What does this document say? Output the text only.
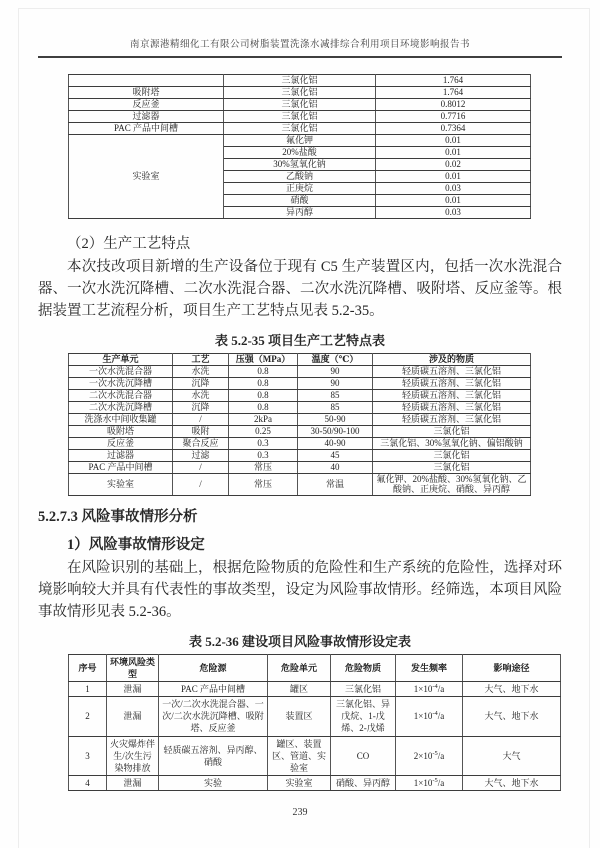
南京源港精细化工有限公司树脂装置洗涤水减排综合利用项目环境影响报告书
	三氯化铝	1.764
吸附塔	三氯化铝	1.764
反应釜	三氯化铝	0.8012
过滤器	三氯化铝	0.7716
PAC 产品中间槽	三氯化铝	0.7364
实验室	氟化钾	0.01
	20%盐酸	0.01
	30%氢氧化钠	0.02
	乙酸钠	0.01
	正庚烷	0.03
	硝酸	0.01
	异丙醇	0.03
（2）生产工艺特点
本次技改项目新增的生产设备位于现有 C5 生产装置区内，包括一次水洗混合器、一次水洗沉降槽、二次水洗混合器、二次水洗沉降槽、吸附塔、反应釜等。根据装置工艺流程分析，项目生产工艺特点见表 5.2-35。
表 5.2-35 项目生产工艺特点表
生产单元	工艺	压强（MPa）	温度（℃）	涉及的物质
一次水洗混合器	水洗	0.8	90	轻质碳五溶剂、三氯化铝
一次水洗沉降槽	沉降	0.8	90	轻质碳五溶剂、三氯化铝
二次水洗混合器	水洗	0.8	85	轻质碳五溶剂、三氯化铝
二次水洗沉降槽	沉降	0.8	85	轻质碳五溶剂、三氯化铝
洗涤水中间收集罐	/	2kPa	50-90	轻质碳五溶剂、三氯化铝
吸附塔	吸附	0.25	30-50/90-100	三氯化铝
反应釜	聚合反应	0.3	40-90	三氯化铝、30%氢氧化钠、偏铝酸钠
过滤器	过滤	0.3	45	三氯化铝
PAC 产品中间槽	/	常压	40	三氯化铝
实验室	/	常压	常温	氟化钾、20%盐酸、30%氢氧化钠、乙酸钠、正庚烷、硝酸、异丙醇
5.2.7.3 风险事故情形分析
1）风险事故情形设定
在风险识别的基础上，根据危险物质的危险性和生产系统的危险性，选择对环境影响较大并具有代表性的事故类型，设定为风险事故情形。经筛选，本项目风险事故情形见表 5.2-36。
表 5.2-36 建设项目风险事故情形设定表
序号	环境风险类型	危险源	危险单元	危险物质	发生频率	影响途径
1	泄漏	PAC 产品中间槽	罐区	三氯化铝	$1\times 10^{-4}/a$	大气、地下水
2	泄漏	一次/二次水洗混合器、一次/二次水洗沉降槽、吸附塔、反应釜	装置区	三氯化铝、异戊烷、1-戊烯、2-戊烯	$1\times 10^{-4}/a$	大气、地下水
3	火灾爆炸伴生/次生污染物排放	轻质碳五溶剂、异丙醇、硝酸	罐区、装置区、管道、实验室	CO	$2\times 10^{-5}/a$	大气
4	泄漏	实验	实验室	硝酸、异丙醇	$1\times 10^{-5}/a$	大气、地下水
239
